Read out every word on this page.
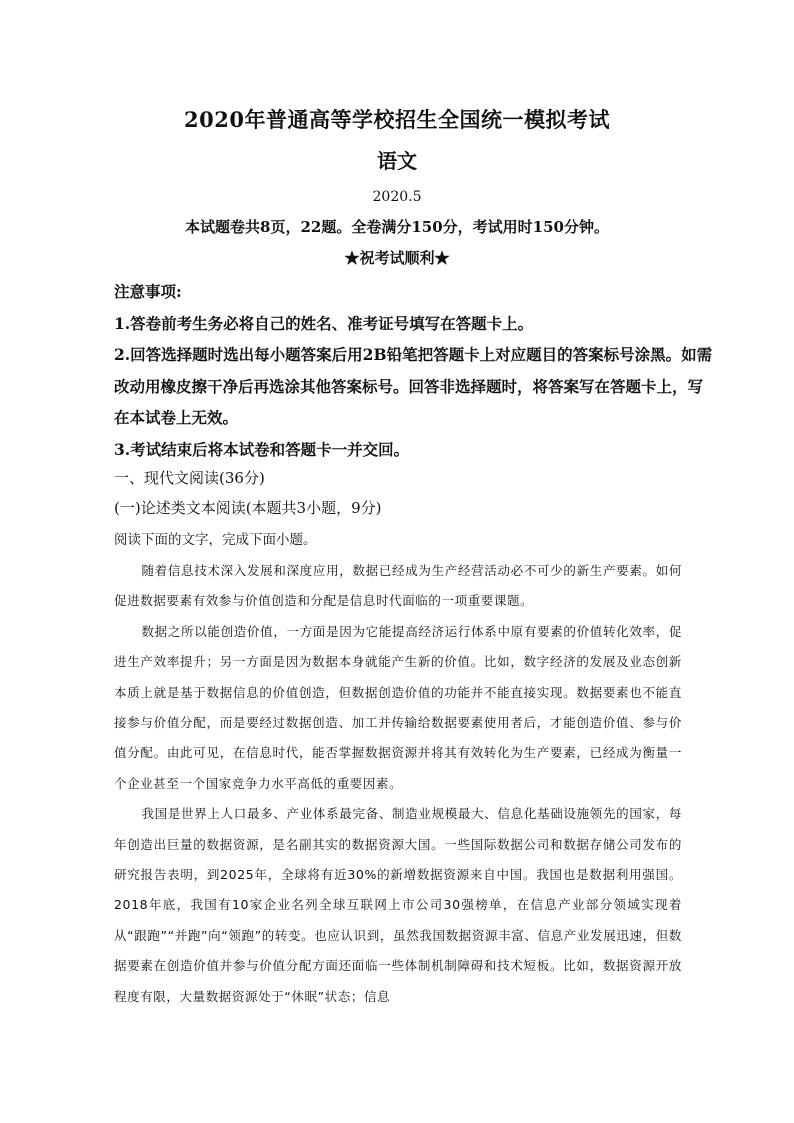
2020年普通高等学校招生全国统一模拟考试
语文
2020.5
本试题卷共8页，22题。全卷满分150分，考试用时150分钟。
★祝考试顺利★

注意事项:

1.答卷前考生务必将自己的姓名、准考证号填写在答题卡上。

2.回答选择题时选出每小题答案后用2B铅笔把答题卡上对应题目的答案标号涂黑。如需改动用橡皮擦干净后再选涂其他答案标号。回答非选择题时，将答案写在答题卡上，写在本试卷上无效。

3.考试结束后将本试卷和答题卡一并交回。

一、现代文阅读(36分)
(一)论述类文本阅读(本题共3小题，9分)
阅读下面的文字，完成下面小题。

随着信息技术深入发展和深度应用，数据已经成为生产经营活动必不可少的新生产要素。如何促进数据要素有效参与价值创造和分配是信息时代面临的一项重要课题。

数据之所以能创造价值，一方面是因为它能提高经济运行体系中原有要素的价值转化效率，促进生产效率提升；另一方面是因为数据本身就能产生新的价值。比如，数字经济的发展及业态创新本质上就是基于数据信息的价值创造，但数据创造价值的功能并不能直接实现。数据要素也不能直接参与价值分配，而是要经过数据创造、加工并传输给数据要素使用者后，才能创造价值、参与价值分配。由此可见，在信息时代，能否掌握数据资源并将其有效转化为生产要素，已经成为衡量一个企业甚至一个国家竞争力水平高低的重要因素。

我国是世界上人口最多、产业体系最完备、制造业规模最大、信息化基础设施领先的国家，每年创造出巨量的数据资源，是名副其实的数据资源大国。一些国际数据公司和数据存储公司发布的研究报告表明，到2025年，全球将有近30%的新增数据资源来自中国。我国也是数据利用强国。2018年底，我国有10家企业名列全球互联网上市公司30强榜单，在信息产业部分领域实现着从“跟跑”“并跑”向“领跑”的转变。也应认识到，虽然我国数据资源丰富、信息产业发展迅速，但数据要素在创造价值并参与价值分配方面还面临一些体制机制障碍和技术短板。比如，数据资源开放程度有限，大量数据资源处于“休眠”状态；信息
